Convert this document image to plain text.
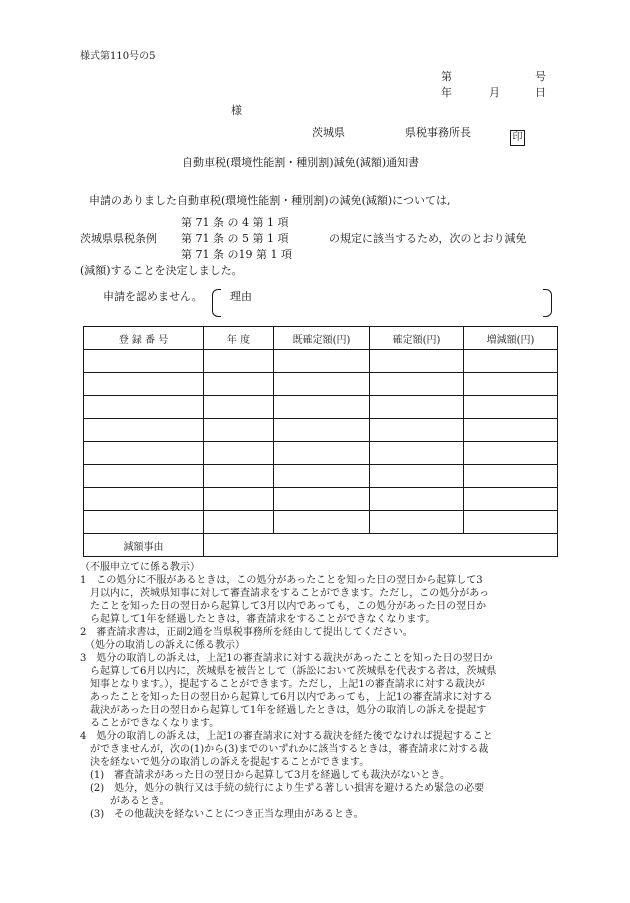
様式第110号の5
第	号
年	月	日
様
茨城県	県税事務所長	印
自動車税(環境性能割・種別割)減免(減額)通知書
申請のありました自動車税(環境性能割・種別割)の減免(減額)については,
第 71 条 の 4 第 1 項
茨城県県税条例 第 71 条 の 5 第 1 項	の規定に該当するため，次のとおり減免
第 71 条 の19 第 1 項
(減額)することを決定しました。
申請を認めません。 理由
登 録 番 号	年 度	既確定額(円)	確定額(円)	増減額(円)

減額事由				
（不服申立てに係る教示）
1　この処分に不服があるときは，この処分があったことを知った日の翌日から起算して3
　月以内に，茨城県知事に対して審査請求をすることができます。ただし，この処分があっ
　たことを知った日の翌日から起算して3月以内であっても，この処分があった日の翌日か
　ら起算して1年を経過したときは，審査請求をすることができなくなります。
2　審査請求書は，正副2通を当県税事務所を経由して提出してください。
　（処分の取消しの訴えに係る教示）
3　処分の取消しの訴えは，上記1の審査請求に対する裁決があったことを知った日の翌日か
　ら起算して6月以内に，茨城県を被告として（訴訟において茨城県を代表する者は，茨城県
　知事となります。），提起することができます。ただし，上記1の審査請求に対する裁決が
　あったことを知った日の翌日から起算して6月以内であっても，上記1の審査請求に対する
　裁決があった日の翌日から起算して1年を経過したときは，処分の取消しの訴えを提起す
　ることができなくなります。
4　処分の取消しの訴えは，上記1の審査請求に対する裁決を経た後でなければ提起すること
　ができませんが，次の(1)から(3)までのいずれかに該当するときは，審査請求に対する裁
　決を経ないで処分の取消しの訴えを提起することができます。
　(1)　審査請求があった日の翌日から起算して3月を経過しても裁決がないとき。
　(2)　処分，処分の執行又は手続の続行により生ずる著しい損害を避けるため緊急の必要
　　　があるとき。
　(3)　その他裁決を経ないことにつき正当な理由があるとき。
